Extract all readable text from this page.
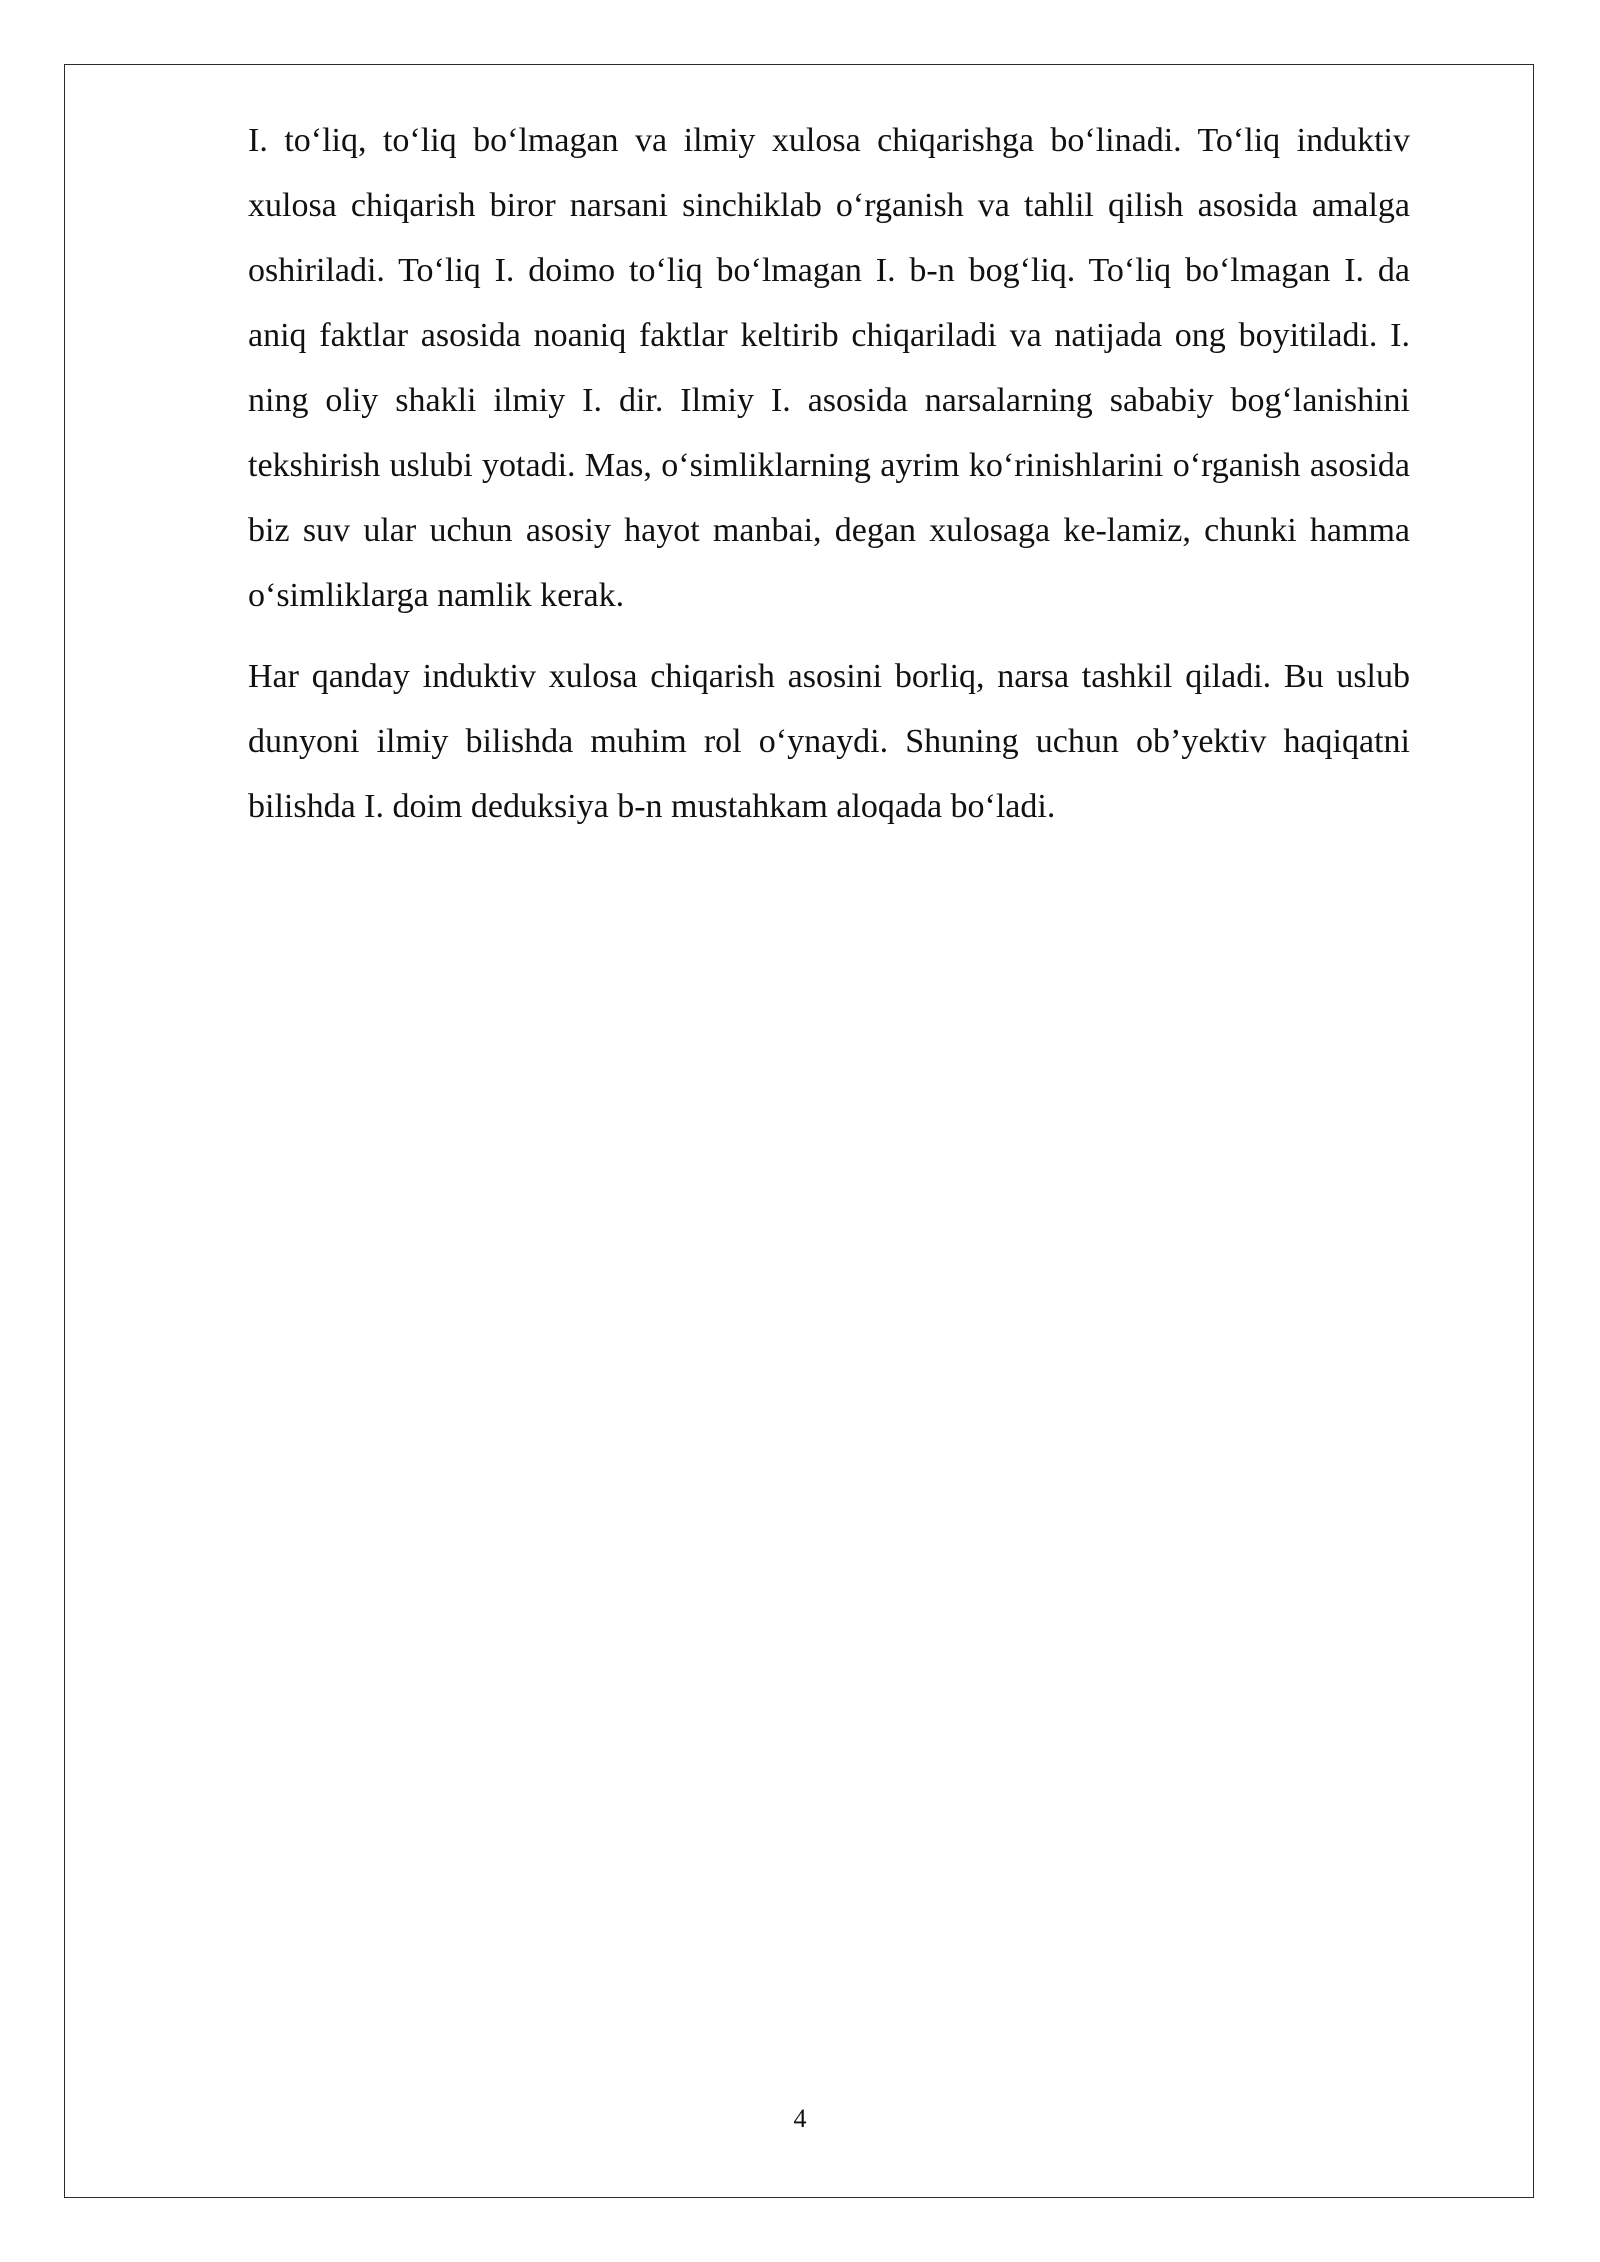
I. to‘liq, to‘liq bo‘lmagan va ilmiy xulosa chiqarishga bo‘linadi. To‘liq induktiv xulosa chiqarish biror narsani sinchiklab o‘rganish va tahlil qilish asosida amalga oshiriladi. To‘liq I. doimo to‘liq bo‘lmagan I. b-n bog‘liq. To‘liq bo‘lmagan I. da aniq faktlar asosida noaniq faktlar keltirib chiqariladi va natijada ong boyitiladi. I. ning oliy shakli ilmiy I. dir. Ilmiy I. asosida narsalarning sababiy bog‘lanishini tekshirish uslubi yotadi. Mas, o‘simliklarning ayrim ko‘rinishlarini o‘rganish asosida biz suv ular uchun asosiy hayot manbai, degan xulosaga ke-lamiz, chunki hamma o‘simliklarga namlik kerak.

Har qanday induktiv xulosa chiqarish asosini borliq, narsa tashkil qiladi. Bu uslub dunyoni ilmiy bilishda muhim rol o‘ynaydi. Shuning uchun ob’yektiv haqiqatni bilishda I. doim deduksiya b-n mustahkam aloqada bo‘ladi.

4
